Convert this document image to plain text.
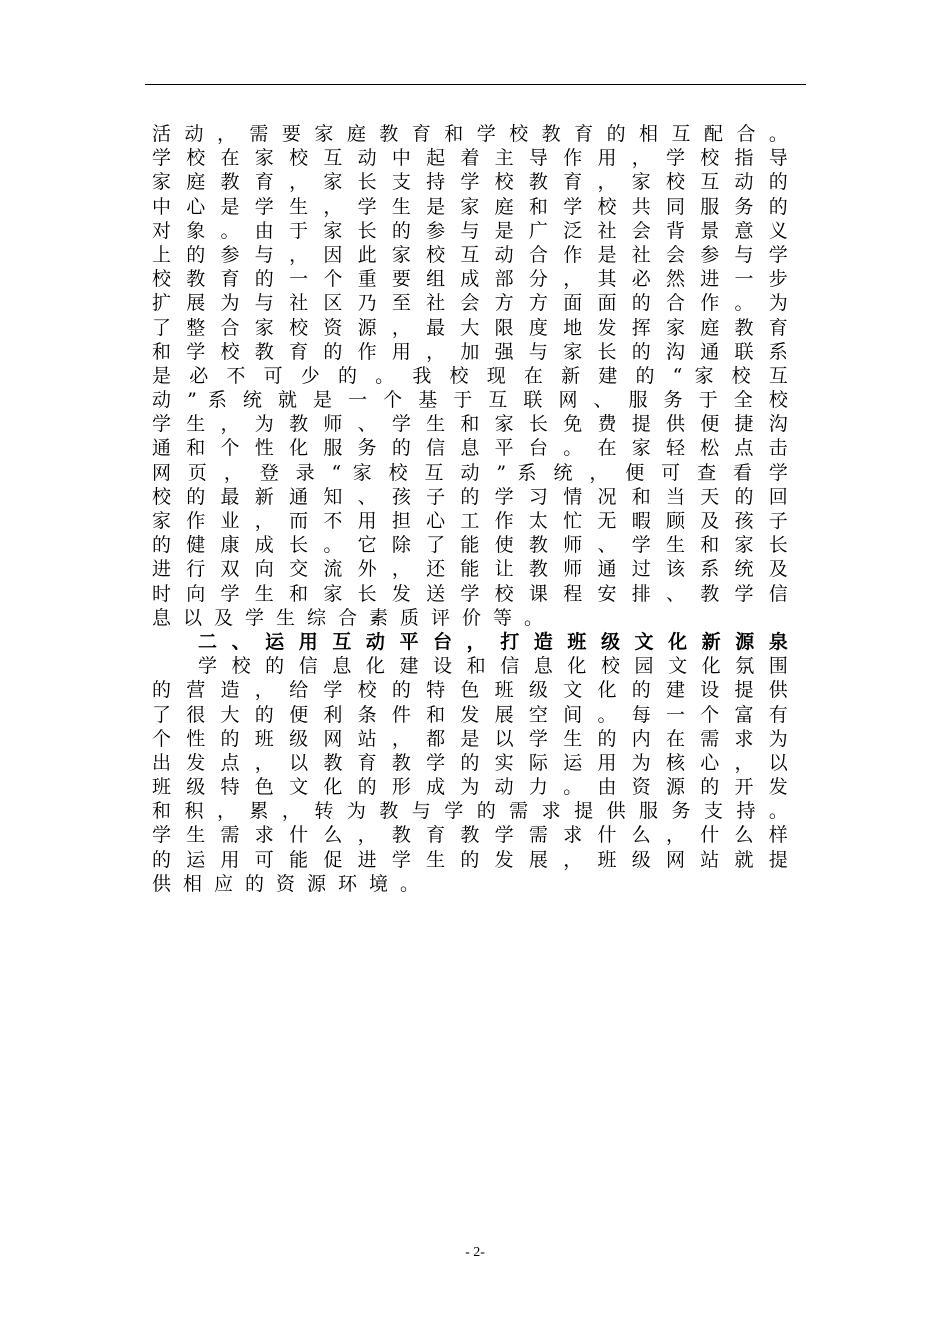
活 动 ， 需 要 家 庭 教 育 和 学 校 教 育 的 相 互 配 合 。
学 校 在 家 校 互 动 中 起 着 主 导 作 用 ， 学 校 指 导
家 庭 教 育 ， 家 长 支 持 学 校 教 育 ， 家 校 互 动 的
中 心 是 学 生 ， 学 生 是 家 庭 和 学 校 共 同 服 务 的
对 象 。 由 于 家 长 的 参 与 是 广 泛 社 会 背 景 意 义
上 的 参 与 ， 因 此 家 校 互 动 合 作 是 社 会 参 与 学
校 教 育 的 一 个 重 要 组 成 部 分 ， 其 必 然 进 一 步
扩 展 为 与 社 区 乃 至 社 会 方 方 面 面 的 合 作 。 为
了 整 合 家 校 资 源 ， 最 大 限 度 地 发 挥 家 庭 教 育
和 学 校 教 育 的 作 用 ， 加 强 与 家 长 的 沟 通 联 系
是 必 不 可 少 的 。 我 校 现 在 新 建 的 “ 家 校 互
动 ” 系 统 就 是 一 个 基 于 互 联 网 、 服 务 于 全 校
学 生 ， 为 教 师 、 学 生 和 家 长 免 费 提 供 便 捷 沟
通 和 个 性 化 服 务 的 信 息 平 台 。 在 家 轻 松 点 击
网 页 ， 登 录 “ 家 校 互 动 ” 系 统 ， 便 可 查 看 学
校 的 最 新 通 知 、 孩 子 的 学 习 情 况 和 当 天 的 回
家 作 业 ， 而 不 用 担 心 工 作 太 忙 无 暇 顾 及 孩 子
的 健 康 成 长 。 它 除 了 能 使 教 师 、 学 生 和 家 长
进 行 双 向 交 流 外 ， 还 能 让 教 师 通 过 该 系 统 及
时 向 学 生 和 家 长 发 送 学 校 课 程 安 排 、 教 学 信
息以及学生综合素质评价等。
二 、 运 用 互 动 平 台 ， 打 造 班 级 文 化 新 源 泉
学 校 的 信 息 化 建 设 和 信 息 化 校 园 文 化 氛 围
的 营 造 ， 给 学 校 的 特 色 班 级 文 化 的 建 设 提 供
了 很 大 的 便 利 条 件 和 发 展 空 间 。 每 一 个 富 有
个 性 的 班 级 网 站 ， 都 是 以 学 生 的 内 在 需 求 为
出 发 点 ， 以 教 育 教 学 的 实 际 运 用 为 核 心 ， 以
班 级 特 色 文 化 的 形 成 为 动 力 。 由 资 源 的 开 发
和 积 ， 累 ， 转 为 教 与 学 的 需 求 提 供 服 务 支 持 。
学 生 需 求 什 么 ， 教 育 教 学 需 求 什 么 ， 什 么 样
的 运 用 可 能 促 进 学 生 的 发 展 ， 班 级 网 站 就 提
供相应的资源环境。
- 2-
